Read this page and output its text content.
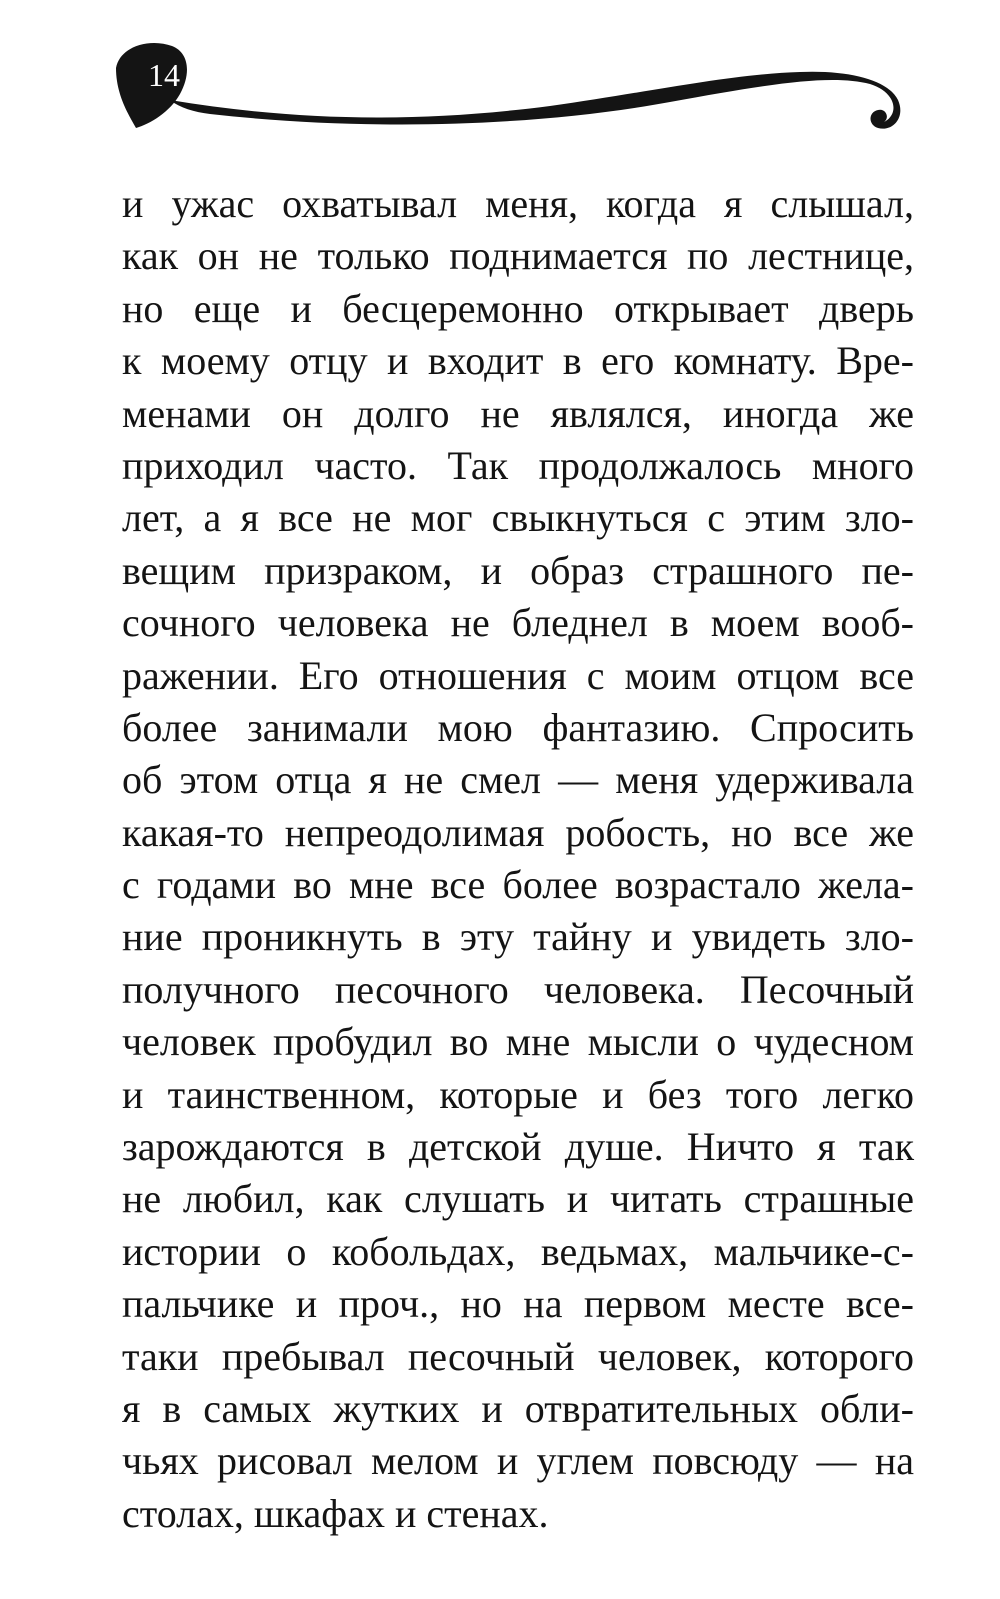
14
и ужас охватывал меня, когда я слышал,
как он не только поднимается по лестнице,
но еще и бесцеремонно открывает дверь
к моему отцу и входит в его комнату. Вре-
менами он долго не являлся, иногда же
приходил часто. Так продолжалось много
лет, а я все не мог свыкнуться с этим зло-
вещим призраком, и образ страшного пе-
сочного человека не бледнел в моем вооб-
ражении. Его отношения с моим отцом все
более занимали мою фантазию. Спросить
об этом отца я не смел — меня удерживала
какая-то непреодолимая робость, но все же
с годами во мне все более возрастало жела-
ние проникнуть в эту тайну и увидеть зло-
получного песочного человека. Песочный
человек пробудил во мне мысли о чудесном
и таинственном, которые и без того легко
зарождаются в детской душе. Ничто я так
не любил, как слушать и читать страшные
истории о кобольдах, ведьмах, мальчике-с-
пальчике и проч., но на первом месте все-
таки пребывал песочный человек, которого
я в самых жутких и отвратительных обли-
чьях рисовал мелом и углем повсюду — на
столах, шкафах и стенах.
